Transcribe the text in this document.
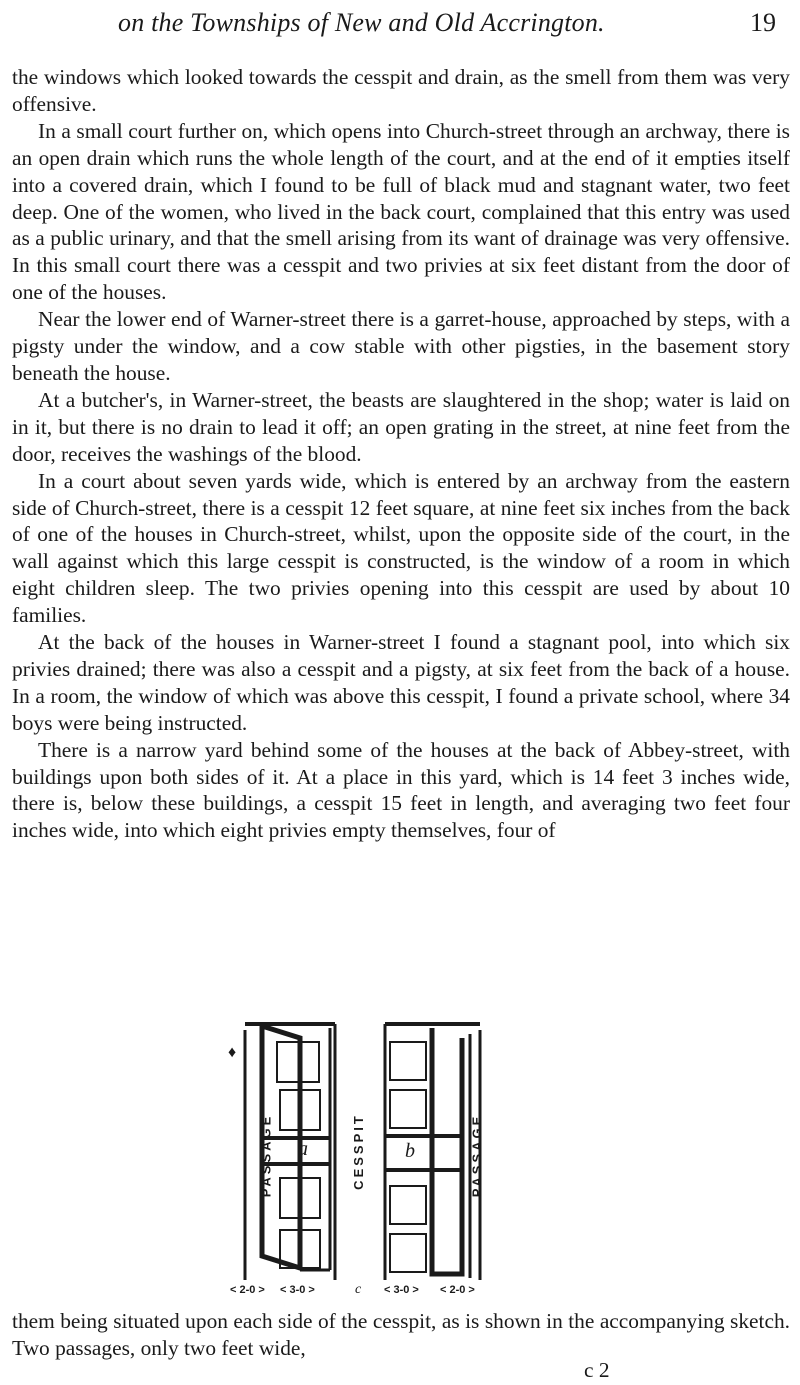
on the Townships of New and Old Accrington.	19

the windows which looked towards the cesspit and drain, as the smell from them was very offensive.

In a small court further on, which opens into Church-street through an archway, there is an open drain which runs the whole length of the court, and at the end of it empties itself into a covered drain, which I found to be full of black mud and stagnant water, two feet deep. One of the women, who lived in the back court, complained that this entry was used as a public urinary, and that the smell arising from its want of drainage was very offensive. In this small court there was a cesspit and two privies at six feet distant from the door of one of the houses.

Near the lower end of Warner-street there is a garret-house, approached by steps, with a pigsty under the window, and a cow stable with other pigsties, in the basement story beneath the house.

At a butcher's, in Warner-street, the beasts are slaughtered in the shop; water is laid on in it, but there is no drain to lead it off; an open grating in the street, at nine feet from the door, receives the washings of the blood.

In a court about seven yards wide, which is entered by an archway from the eastern side of Church-street, there is a cesspit 12 feet square, at nine feet six inches from the back of one of the houses in Church-street, whilst, upon the opposite side of the court, in the wall against which this large cesspit is constructed, is the window of a room in which eight children sleep. The two privies opening into this cesspit are used by about 10 families.

At the back of the houses in Warner-street I found a stagnant pool, into which six privies drained; there was also a cesspit and a pigsty, at six feet from the back of a house. In a room, the window of which was above this cesspit, I found a private school, where 34 boys were being instructed.

There is a narrow yard behind some of the houses at the back of Abbey-street, with buildings upon both sides of it. At a place in this yard, which is 14 feet 3 inches wide, there is, below these buildings, a cesspit 15 feet in length, and averaging two feet four inches wide, into which eight privies empty themselves, four of

♦
PASSAGE	CESSPIT	PASSAGE
a	b
< 2-0 > < 3-0 >	c < 3-0 > < 2-0 >
them being situated upon each side of the cesspit, as is shown in the accompanying sketch. Two passages, only two feet wide,
c 2
